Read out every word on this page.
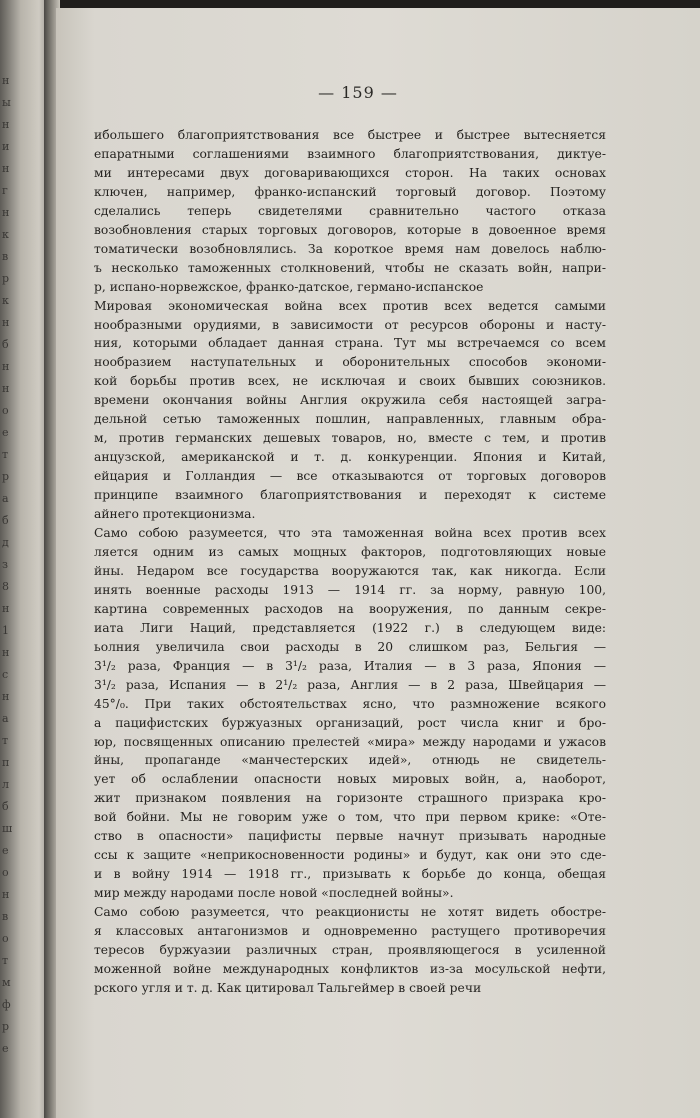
н
ы
н
и
н
г
н
к
в
р
к
н
б
н
н
о
е
т
р
а
б
д
з
8
н
1
н
с
н
а
т
п
л
б
ш
е
о
н
в
о
т
м
ф
р
е
— 159 —
ибольшего благоприятствования все быстрее и быстрее вытесняется
епаратными соглашениями взаимного благоприятствования, диктуе-
ми интересами двух договаривающихся сторон. На таких основах
ключен, например, франко-испанский торговый договор. Поэтому
сделались теперь свидетелями сравнительно частого отказа
возобновления старых торговых договоров, которые в довоенное время
томатически возобновлялись. За короткое время нам довелось наблю-
ъ несколько таможенных столкновений, чтобы не сказать войн, напри-
р, испано-норвежское, франко-датское, германо-испанское
Мировая экономическая война всех против всех ведется самыми
нообразными орудиями, в зависимости от ресурсов обороны и насту-
ния, которыми обладает данная страна. Тут мы встречаемся со всем
нообразием наступательных и оборонительных способов экономи-
кой борьбы против всех, не исключая и своих бывших союзников.
времени окончания войны Англия окружила себя настоящей загра-
дельной сетью таможенных пошлин, направленных, главным обра-
м, против германских дешевых товаров, но, вместе с тем, и против
анцузской, американской и т. д. конкуренции. Япония и Китай,
ейцария и Голландия — все отказываются от торговых договоров
принципе взаимного благоприятствования и переходят к системе
айнего протекционизма.
Само собою разумеется, что эта таможенная война всех против всех
ляется одним из самых мощных факторов, подготовляющих новые
йны. Недаром все государства вооружаются так, как никогда. Если
инять военные расходы 1913 — 1914 гг. за норму, равную 100,
картина современных расходов на вооружения, по данным секре-
иата Лиги Наций, представляется (1922 г.) в следующем виде:
ьолния увеличила свои расходы в 20 слишком раз, Бельгия —
3¹/₂ раза, Франция — в 3¹/₂ раза, Италия — в 3 раза, Япония —
3¹/₂ раза, Испания — в 2¹/₂ раза, Англия — в 2 раза, Швейцария —
45°/₀. При таких обстоятельствах ясно, что размножение всякого
а пацифистских буржуазных организаций, рост числа книг и бро-
юр, посвященных описанию прелестей «мира» между народами и ужасов
йны, пропаганде «манчестерских идей», отнюдь не свидетель-
ует об ослаблении опасности новых мировых войн, а, наоборот,
жит признаком появления на горизонте страшного призрака кро-
вой бойни. Мы не говорим уже о том, что при первом крике: «Оте-
ство в опасности» пацифисты первые начнут призывать народные
ссы к защите «неприкосновенности родины» и будут, как они это сде-
и в войну 1914 — 1918 гг., призывать к борьбе до конца, обещая
мир между народами после новой «последней войны».
Само собою разумеется, что реакционисты не хотят видеть обостре-
я классовых антагонизмов и одновременно растущего противоречия
тересов буржуазии различных стран, проявляющегося в усиленной
моженной войне международных конфликтов из-за мосульской нефти,
рского угля и т. д. Как цитировал Тальгеймер в своей речи
